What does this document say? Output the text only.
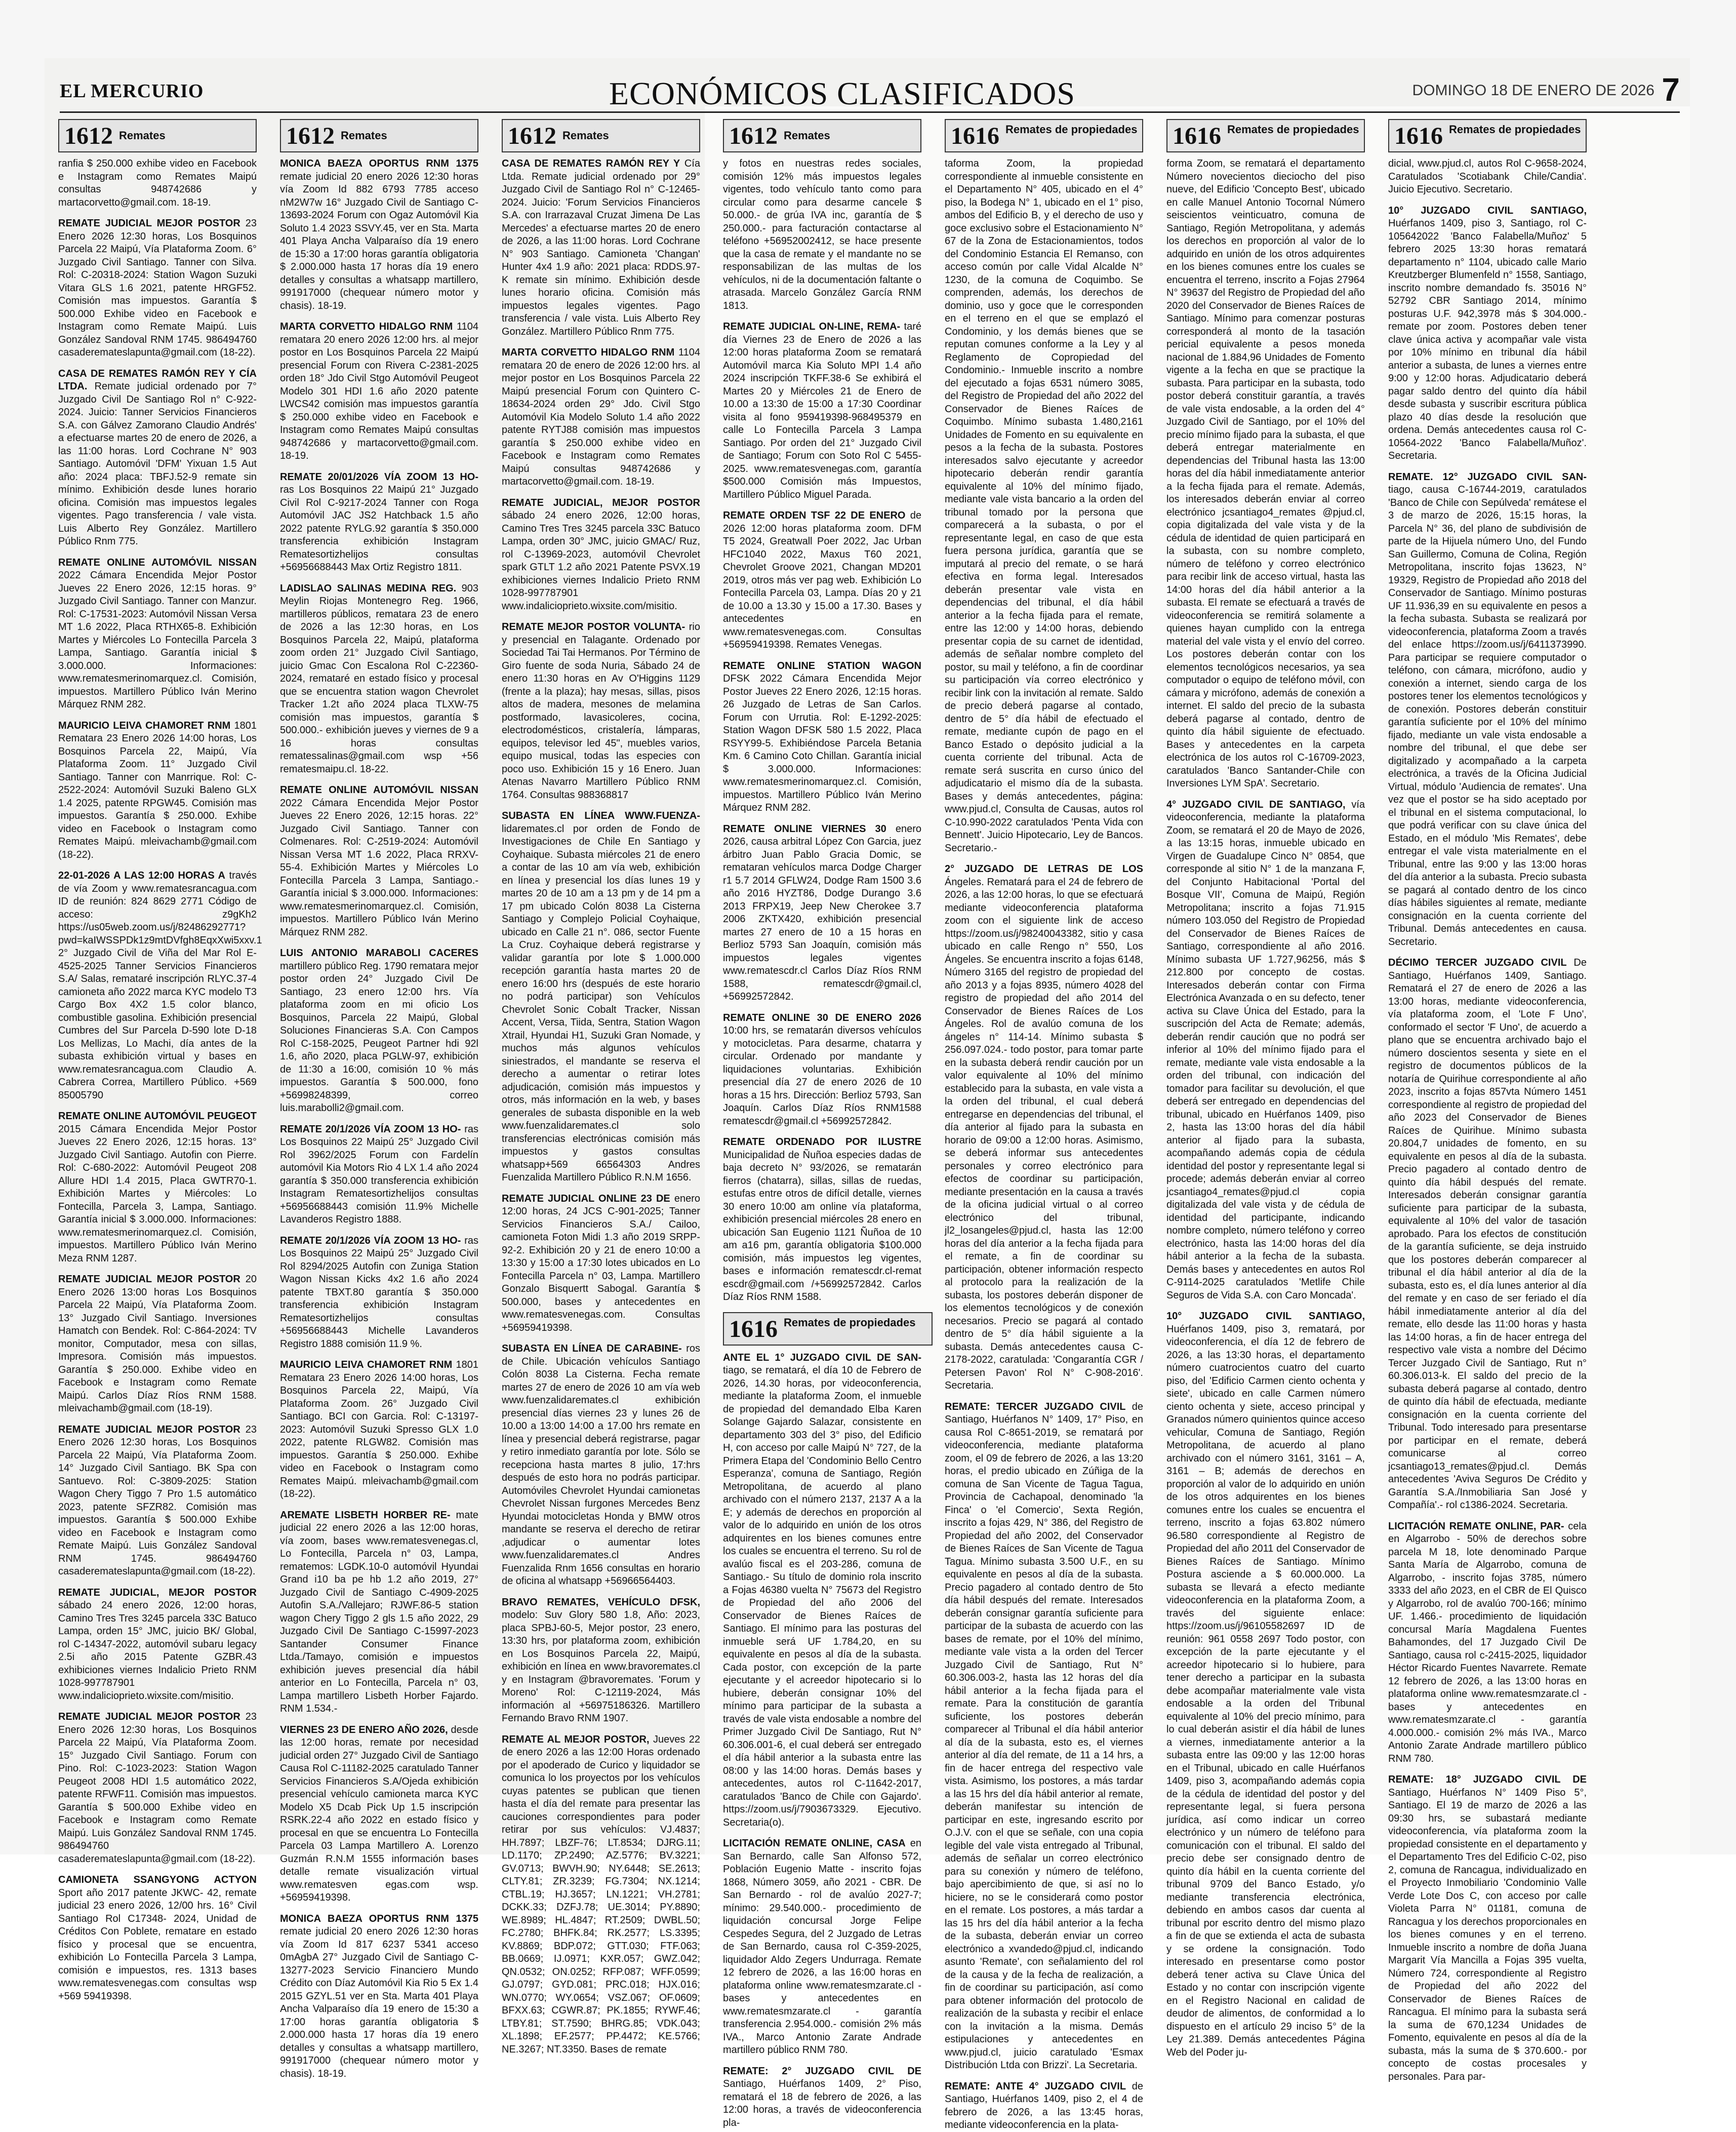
EL MERCURIO	ECONÓMICOS CLASIFICADOS	DOMINGO 18 DE ENERO DE 2026 7
1612 Remates
ranfia $ 250.000 exhibe video en Facebook e Instagram como Remates Maipú consultas 948742686 y martacorvetto@gmail.com. 18-19.
REMATE JUDICIAL MEJOR POSTOR 23 Enero 2026 12:30 horas, Los Bosquinos Parcela 22 Maipú, Vía Plataforma Zoom. 6° Juzgado Civil Santiago. Tanner con Silva. Rol: C-20318-2024: Station Wagon Suzuki Vitara GLS 1.6 2021, patente HRGF52. Comisión mas impuestos. Garantía $ 500.000 Exhibe video en Facebook e Instagram como Remate Maipú. Luis González Sandoval RNM 1745. 986494760 casaderemateslapunta@gmail.com (18-22).
CASA DE REMATES RAMÓN REY Y CÍA LTDA. Remate judicial ordenado por 7° Juzgado Civil De Santiago Rol n° C-922-2024. Juicio: Tanner Servicios Financieros S.A. con Gálvez Zamorano Claudio Andrés' a efectuarse martes 20 de enero de 2026, a las 11:00 horas. Lord Cochrane N° 903 Santiago. Automóvil 'DFM' Yixuan 1.5 Aut año: 2024 placa: TBFJ.52-9 remate sin mínimo. Exhibición desde lunes horario oficina. Comisión mas impuestos legales vigentes. Pago transferencia / vale vista. Luis Alberto Rey González. Martillero Público Rnm 775.
REMATE ONLINE AUTOMÓVIL NISSAN 2022 Cámara Encendida Mejor Postor Jueves 22 Enero 2026, 12:15 horas. 9° Juzgado Civil Santiago. Tanner con Manzur. Rol: C-17531-2023: Automóvil Nissan Versa MT 1.6 2022, Placa RTHX65-8. Exhibición Martes y Miércoles Lo Fontecilla Parcela 3 Lampa, Santiago. Garantía inicial $ 3.000.000. Informaciones: www.rematesmerinomarquez.cl. Comisión, impuestos. Martillero Público Iván Merino Márquez RNM 282.
MAURICIO LEIVA CHAMORET RNM 1801 Rematara 23 Enero 2026 14:00 horas, Los Bosquinos Parcela 22, Maipú, Vía Plataforma Zoom. 11° Juzgado Civil Santiago. Tanner con Manrrique. Rol: C-2522-2024: Automóvil Suzuki Baleno GLX 1.4 2025, patente RPGW45. Comisión mas impuestos. Garantía $ 250.000. Exhibe video en Facebook o Instagram como Remates Maipú. mleivachamb@gmail.com (18-22).
22-01-2026 A LAS 12:00 HORAS A través de vía Zoom y www.rematesrancagua.com ID de reunión: 824 8629 2771 Código de acceso: z9gKh2 https://us05web.zoom.us/j/82486292771?pwd=kaIWSSPDk1z9mtDVfgh8EqxXwi5xxv.1 2° Juzgado Civil de Viña del Mar Rol E-4525-2025 Tanner Servicios Financieros S.A/ Salas, remataré inscripción RLYC.37-4 camioneta año 2022 marca KYC modelo T3 Cargo Box 4X2 1.5 color blanco, combustible gasolina. Exhibición presencial Cumbres del Sur Parcela D-590 lote D-18 Los Mellizas, Lo Machi, día antes de la subasta exhibición virtual y bases en www.rematesrancagua.com Claudio A. Cabrera Correa, Martillero Público. +569 85005790
REMATE ONLINE AUTOMÓVIL PEUGEOT 2015 Cámara Encendida Mejor Postor Jueves 22 Enero 2026, 12:15 horas. 13° Juzgado Civil Santiago. Autofin con Pierre. Rol: C-680-2022: Automóvil Peugeot 208 Allure HDI 1.4 2015, Placa GWTR70-1. Exhibición Martes y Miércoles: Lo Fontecilla, Parcela 3, Lampa, Santiago. Garantía inicial $ 3.000.000. Informaciones: www.rematesmerinomarquez.cl. Comisión, impuestos. Martillero Público Iván Merino Meza RNM 1287.
REMATE JUDICIAL MEJOR POSTOR 20 Enero 2026 13:00 horas Los Bosquinos Parcela 22 Maipú, Vía Plataforma Zoom. 13° Juzgado Civil Santiago. Inversiones Hamatch con Bendek. Rol: C-864-2024: TV monitor, Computador, mesa con sillas, Impresora. Comisión más impuestos. Garantía $ 250.000. Exhibe video en Facebook e Instagram como Remate Maipú. Carlos Díaz Ríos RNM 1588. mleivachamb@gmail.com (18-19).
REMATE JUDICIAL MEJOR POSTOR 23 Enero 2026 12:30 horas, Los Bosquinos Parcela 22 Maipú, Vía Plataforma Zoom. 14° Juzgado Civil Santiago. BK Spa con Santuevo. Rol: C-3809-2025: Station Wagon Chery Tiggo 7 Pro 1.5 automático 2023, patente SFZR82. Comisión mas impuestos. Garantía $ 500.000 Exhibe video en Facebook e Instagram como Remate Maipú. Luis González Sandoval RNM 1745. 986494760 casaderemateslapunta@gmail.com (18-22).
REMATE JUDICIAL, MEJOR POSTOR sábado 24 enero 2026, 12:00 horas, Camino Tres Tres 3245 parcela 33C Batuco Lampa, orden 15° JMC, juicio BK/ Global, rol C-14347-2022, automóvil subaru legacy 2.5i año 2015 Patente GZBR.43 exhibiciones viernes Indalicio Prieto RNM 1028-997787901 www.indalicioprieto.wixsite.com/misitio.
REMATE JUDICIAL MEJOR POSTOR 23 Enero 2026 12:30 horas, Los Bosquinos Parcela 22 Maipú, Vía Plataforma Zoom. 15° Juzgado Civil Santiago. Forum con Pino. Rol: C-1023-2023: Station Wagon Peugeot 2008 HDI 1.5 automático 2022, patente RFWF11. Comisión mas impuestos. Garantía $ 500.000 Exhibe video en Facebook e Instagram como Remate Maipú. Luis González Sandoval RNM 1745. 986494760 casaderemateslapunta@gmail.com (18-22).
CAMIONETA SSANGYONG ACTYON Sport año 2017 patente JKWC- 42, remate judicial 23 enero 2026, 12/00 hrs. 16° Civil Santiago Rol C17348- 2024, Unidad de Créditos Con Poblete, rematare en estado físico y procesal que se encuentra, exhibición Lo Fontecilla Parcela 3 Lampa, comisión e impuestos, res. 1313 bases www.rematesvenegas.com consultas wsp +569 59419398.
1612 Remates
MONICA BAEZA OPORTUS RNM 1375 remate judicial 20 enero 2026 12:30 horas vía Zoom Id 882 6793 7785 acceso nM2W7w 16° Juzgado Civil de Santiago C-13693-2024 Forum con Ogaz Automóvil Kia Soluto 1.4 2023 SSVY.45, ver en Sta. Marta 401 Playa Ancha Valparaíso día 19 enero de 15:30 a 17:00 horas garantía obligatoria $ 2.000.000 hasta 17 horas día 19 enero detalles y consultas a whatsapp martillero, 991917000 (chequear número motor y chasis). 18-19.
MARTA CORVETTO HIDALGO RNM 1104 rematara 20 enero 2026 12:00 hrs. al mejor postor en Los Bosquinos Parcela 22 Maipú presencial Forum con Rivera C-2381-2025 orden 18° Jdo Civil Stgo Automóvil Peugeot Modelo 301 HDI 1.6 año 2020 patente LWCS42 comisión mas impuestos garantía $ 250.000 exhibe video en Facebook e Instagram como Remates Maipú consultas 948742686 y martacorvetto@gmail.com. 18-19.
REMATE 20/01/2026 VÍA ZOOM 13 HO- ras Los Bosquinos 22 Maipú 21° Juzgado Civil Rol C-9217-2024 Tanner con Roga Automóvil JAC JS2 Hatchback 1.5 año 2022 patente RYLG.92 garantía $ 350.000 transferencia exhibición Instagram Rematesortizhelijos consultas +56956688443 Max Ortiz Registro 1811.
LADISLAO SALINAS MEDINA REG. 903 Meylin Riojas Montenegro Reg. 1966, martilleros públicos, rematara 23 de enero de 2026 a las 12:30 horas, en Los Bosquinos Parcela 22, Maipú, plataforma zoom orden 21° Juzgado Civil Santiago, juicio Gmac Con Escalona Rol C-22360-2024, remataré en estado físico y procesal que se encuentra station wagon Chevrolet Tracker 1.2t año 2024 placa TLXW-75 comisión mas impuestos, garantía $ 500.000.- exhibición jueves y viernes de 9 a 16 horas consultas rematessalinas@gmail.com wsp +56 rematesmaipu.cl. 18-22.
REMATE ONLINE AUTOMÓVIL NISSAN 2022 Cámara Encendida Mejor Postor Jueves 22 Enero 2026, 12:15 horas. 22° Juzgado Civil Santiago. Tanner con Colmenares. Rol: C-2519-2024: Automóvil Nissan Versa MT 1.6 2022, Placa RRXV-55-4. Exhibición Martes y Miércoles Lo Fontecilla Parcela 3 Lampa, Santiago.- Garantía inicial $ 3.000.000. Informaciones: www.rematesmerinomarquez.cl. Comisión, impuestos. Martillero Público Iván Merino Márquez RNM 282.
LUIS ANTONIO MARABOLI CACERES martillero público Reg. 1790 rematara mejor postor orden 24° Juzgado Civil De Santiago, 23 enero 12:00 hrs. Vía plataforma zoom en mi oficio Los Bosquinos, Parcela 22 Maipú, Global Soluciones Financieras S.A. Con Campos Rol C-158-2025, Peugeot Partner hdi 92l 1.6, año 2020, placa PGLW-97, exhibición de 11:30 a 16:00, comisión 10 % más impuestos. Garantía $ 500.000, fono +56998248399, correo luis.marabolli2@gmail.com.
REMATE 20/1/2026 VÍA ZOOM 13 HO- ras Los Bosquinos 22 Maipú 25° Juzgado Civil Rol 3962/2025 Forum con Fardelín automóvil Kia Motors Rio 4 LX 1.4 año 2024 garantía $ 350.000 transferencia exhibición Instagram Rematesortizhelijos consultas +56956688443 comisión 11.9% Michelle Lavanderos Registro 1888.
REMATE 20/1/2026 VÍA ZOOM 13 HO- ras Los Bosquinos 22 Maipú 25° Juzgado Civil Rol 8294/2025 Autofin con Zuniga Station Wagon Nissan Kicks 4x2 1.6 año 2024 patente TBXT.80 garantía $ 350.000 transferencia exhibición Instagram Rematesortizhelijos consultas +56956688443 Michelle Lavanderos Registro 1888 comisión 11.9 %.
MAURICIO LEIVA CHAMORET RNM 1801 Rematara 23 Enero 2026 14:00 horas, Los Bosquinos Parcela 22, Maipú, Vía Plataforma Zoom. 26° Juzgado Civil Santiago. BCI con Garcia. Rol: C-13197-2023: Automóvil Suzuki Spresso GLX 1.0 2022, patente RLGW82. Comisión mas impuestos. Garantía $ 250.000. Exhibe video en Facebook o Instagram como Remates Maipú. mleivachamb@gmail.com (18-22).
AREMATE LISBETH HORBER RE- mate judicial 22 enero 2026 a las 12:00 horas, vía zoom, bases www.rematesvenegas.cl, Lo Fontecilla, Parcela n° 03, Lampa, rematemos: LGDK.10-0 automóvil Hyundai Grand i10 ba pe hb 1.2 año 2019, 27° Juzgado Civil de Santiago C-4909-2025 Autofin S.A./Vallejaro; RJWF.86-5 station wagon Chery Tiggo 2 gls 1.5 año 2022, 29 Juzgado Civil De Santiago C-15997-2023 Santander Consumer Finance Ltda./Tamayo, comisión e impuestos exhibición jueves presencial día hábil anterior en Lo Fontecilla, Parcela n° 03, Lampa martillero Lisbeth Horber Fajardo. RNM 1.534.-
VIERNES 23 DE ENERO AÑO 2026, desde las 12:00 horas, remate por necesidad judicial orden 27° Juzgado Civil de Santiago Causa Rol C-11182-2025 caratulado Tanner Servicios Financieros S.A/Ojeda exhibición presencial vehículo camioneta marca KYC Modelo X5 Dcab Pick Up 1.5 inscripción RSRK.22-4 año 2022 en estado físico y procesal en que se encuentra Lo Fontecilla Parcela 03 Lampa Martillero A. Lorenzo Guzmán R.N.M 1555 información bases detalle remate visualización virtual www.rematesven egas.com wsp. +56959419398.
MONICA BAEZA OPORTUS RNM 1375 remate judicial 20 enero 2026 12:30 horas vía Zoom Id 817 6237 5341 acceso 0mAgbA 27° Juzgado Civil de Santiago C-13277-2023 Servicio Financiero Mundo Crédito con Díaz Automóvil Kia Rio 5 Ex 1.4 2015 GZYL.51 ver en Sta. Marta 401 Playa Ancha Valparaíso día 19 enero de 15:30 a 17:00 horas garantía obligatoria $ 2.000.000 hasta 17 horas día 19 enero detalles y consultas a whatsapp martillero, 991917000 (chequear número motor y chasis). 18-19.
1612 Remates
CASA DE REMATES RAMÓN REY Y Cía Ltda. Remate judicial ordenado por 29° Juzgado Civil de Santiago Rol n° C-12465-2024. Juicio: 'Forum Servicios Financieros S.A. con Irarrazaval Cruzat Jimena De Las Mercedes' a efectuarse martes 20 de enero de 2026, a las 11:00 horas. Lord Cochrane N° 903 Santiago. Camioneta 'Changan' Hunter 4x4 1.9 año: 2021 placa: RDDS.97-K remate sin mínimo. Exhibición desde lunes horario oficina. Comisión más impuestos legales vigentes. Pago transferencia / vale vista. Luis Alberto Rey González. Martillero Público Rnm 775.
MARTA CORVETTO HIDALGO RNM 1104 rematara 20 de enero de 2026 12:00 hrs. al mejor postor en Los Bosquinos Parcela 22 Maipú presencial Forum con Quintero C-18634-2024 orden 29° Jdo. Civil Stgo Automóvil Kia Modelo Soluto 1.4 año 2022 patente RYTJ88 comisión mas impuestos garantía $ 250.000 exhibe video en Facebook e Instagram como Remates Maipú consultas 948742686 y martacorvetto@gmail.com. 18-19.
REMATE JUDICIAL, MEJOR POSTOR sábado 24 enero 2026, 12:00 horas, Camino Tres Tres 3245 parcela 33C Batuco Lampa, orden 30° JMC, juicio GMAC/ Ruz, rol C-13969-2023, automóvil Chevrolet spark GTLT 1.2 año 2021 Patente PSVX.19 exhibiciones viernes Indalicio Prieto RNM 1028-997787901 www.indalicioprieto.wixsite.com/misitio.
REMATE MEJOR POSTOR VOLUNTA- rio y presencial en Talagante. Ordenado por Sociedad Tai Tai Hermanos. Por Término de Giro fuente de soda Nuria, Sábado 24 de enero 11:30 horas en Av O'Higgins 1129 (frente a la plaza); hay mesas, sillas, pisos altos de madera, mesones de melamina postformado, lavasicoleres, cocina, electrodomésticos, cristalería, lámparas, equipos, televisor led 45", muebles varios, equipo musical, todas las especies con poco uso. Exhibición 15 y 16 Enero. Juan Atenas Navarro Martillero Público RNM 1764. Consultas 988368817
SUBASTA EN LÍNEA WWW.FUENZA- lidaremates.cl por orden de Fondo de Investigaciones de Chile En Santiago y Coyhaique. Subasta miércoles 21 de enero a contar de las 10 am vía web, exhibición en línea y presencial los días lunes 19 y martes 20 de 10 am a 13 pm y de 14 pm a 17 pm ubicado Colón 8038 La Cisterna Santiago y Complejo Policial Coyhaique, ubicado en Calle 21 n°. 086, sector Fuente La Cruz. Coyhaique deberá registrarse y validar garantía por lote $ 1.000.000 recepción garantía hasta martes 20 de enero 16:00 hrs (después de este horario no podrá participar) son Vehículos Chevrolet Sonic Cobalt Tracker, Nissan Accent, Versa, Tiida, Sentra, Station Wagon Xtrail, Hyundai H1, Suzuki Gran Nomade, y muchos más algunos vehículos siniestrados, el mandante se reserva el derecho a aumentar o retirar lotes adjudicación, comisión más impuestos y otros, más información en la web, y bases generales de subasta disponible en la web www.fuenzalidaremates.cl solo transferencias electrónicas comisión más impuestos y gastos consultas whatsapp+569 66564303 Andres Fuenzalida Martillero Público R.N.M 1656.
REMATE JUDICIAL ONLINE 23 DE enero 12:00 horas, 24 JCS C-901-2025; Tanner Servicios Financieros S.A./ Cailoo, camioneta Foton Midi 1.3 año 2019 SRPP-92-2. Exhibición 20 y 21 de enero 10:00 a 13:30 y 15:00 a 17:30 lotes ubicados en Lo Fontecilla Parcela n° 03, Lampa. Martillero Gonzalo Bisquertt Sabogal. Garantía $ 500.000, bases y antecedentes en www.rematesvenegas.com. Consultas +56959419398.
SUBASTA EN LÍNEA DE CARABINE- ros de Chile. Ubicación vehículos Santiago Colón 8038 La Cisterna. Fecha remate martes 27 de enero de 2026 10 am vía web www.fuenzalidaremates.cl exhibición presencial días viernes 23 y lunes 26 de 10.00 a 13:00 14:00 a 17.00 hrs remate en línea y presencial deberá registrarse, pagar y retiro inmediato garantía por lote. Sólo se recepciona hasta martes 8 julio, 17:hrs después de esto hora no podrás participar. Automóviles Chevrolet Hyundai camionetas Chevrolet Nissan furgones Mercedes Benz Hyundai motocicletas Honda y BMW otros mandante se reserva el derecho de retirar ,adjudicar o aumentar lotes www.fuenzalidaremates.cl Andres Fuenzalida Rnm 1656 consultas en horario de oficina al whatsapp +56966564403.
BRAVO REMATES, VEHÍCULO DFSK, modelo: Suv Glory 580 1.8, Año: 2023, placa SPBJ-60-5, Mejor postor, 23 enero, 13:30 hrs, por plataforma zoom, exhibición en Los Bosquinos Parcela 22, Maipú, exhibición en línea en www.bravoremates.cl y en Instagram @bravoremates. 'Forum y Moreno' Rol: C-12119-2024, Más información al +56975186326. Martillero Fernando Bravo RNM 1907.
REMATE AL MEJOR POSTOR, Jueves 22 de enero 2026 a las 12:00 Horas ordenado por el apoderado de Curico y liquidador se comunica lo los proyectos por los vehículos cuyas patentes se publican que tienen hasta el día del remate para presentar las cauciones correspondientes para poder retirar por sus vehículos: VJ.4837; HH.7897; LBZF-76; LT.8534; DJRG.11; LD.1170; ZP.2490; AZ.5776; BV.3221; GV.0713; BWVH.90; NY.6448; SE.2613; CLTY.81; ZR.3239; FG.7304; NX.1214; CTBL.19; HJ.3657; LN.1221; VH.2781; DCKK.33; DZFJ.78; UE.3014; PY.8890; WE.8989; HL.4847; RT.2509; DWBL.50; FC.2780; BHFK.84; RK.2577; LS.3395; KV.8869; BDP.072; GTT.030; FTF.063; BB.0669; IJ.0971; KXR.057; GWZ.042; QN.0532; ON.0252; RFP.087; WFF.0599; GJ.0797; GYD.081; PRC.018; HJX.016; WN.0770; WY.0654; VSZ.067; OF.0609; BFXX.63; CGWR.87; PK.1855; RYWF.46; LTBY.81; ST.7590; BHRG.85; VDK.043; XL.1898; EF.2577; PP.4472; KE.5766; NE.3267; NT.3350. Bases de remate
1612 Remates
y fotos en nuestras redes sociales, comisión 12% más impuestos legales vigentes, todo vehículo tanto como para circular como para desarme cancele $ 50.000.- de grúa IVA inc, garantía de $ 250.000.- para facturación contactarse al teléfono +56952002412, se hace presente que la casa de remate y el mandante no se responsabilizan de las multas de los vehículos, ni de la documentación faltante o atrasada. Marcelo González García RNM 1813.
REMATE JUDICIAL ON-LINE, REMA- taré día Viernes 23 de Enero de 2026 a las 12:00 horas plataforma Zoom se rematará Automóvil marca Kia Soluto MPI 1.4 año 2024 inscripción TKFF.38-6 Se exhibirá el Martes 20 y Miércoles 21 de Enero de 10.00 a 13:30 de 15:00 a 17:30 Coordinar visita al fono 959419398-968495379 en calle Lo Fontecilla Parcela 3 Lampa Santiago. Por orden del 21° Juzgado Civil de Santiago; Forum con Soto Rol C 5455-2025. www.rematesvenegas.com, garantía $500.000 Comisión más Impuestos, Martillero Público Miguel Parada.
REMATE ORDEN TSF 22 DE ENERO de 2026 12:00 horas plataforma zoom. DFM T5 2024, Greatwall Poer 2022, Jac Urban HFC1040 2022, Maxus T60 2021, Chevrolet Groove 2021, Changan MD201 2019, otros más ver pag web. Exhibición Lo Fontecilla Parcela 03, Lampa. Días 20 y 21 de 10.00 a 13.30 y 15.00 a 17.30. Bases y antecedentes en www.rematesvenegas.com. Consultas +56959419398. Remates Venegas.
REMATE ONLINE STATION WAGON DFSK 2022 Cámara Encendida Mejor Postor Jueves 22 Enero 2026, 12:15 horas. 26 Juzgado de Letras de San Carlos. Forum con Urrutia. Rol: E-1292-2025: Station Wagon DFSK 580 1.5 2022, Placa RSYY99-5. Exhibiéndose Parcela Betania Km. 6 Camino Coto Chillan. Garantía inicial $ 3.000.000. Informaciones: www.rematesmerinomarquez.cl. Comisión, impuestos. Martillero Público Iván Merino Márquez RNM 282.
REMATE ONLINE VIERNES 30 enero 2026, causa arbitral López Con Garcia, juez árbitro Juan Pablo Gracia Domic, se remataran vehículos marca Dodge Charger r1 5.7 2014 GFLW24, Dodge Ram 1500 3.6 año 2016 HYZT86, Dodge Durango 3.6 2013 FRPX19, Jeep New Cherokee 3.7 2006 ZKTX420, exhibición presencial martes 27 enero de 10 a 15 horas en Berlioz 5793 San Joaquín, comisión más impuestos legales vigentes www.rematescdr.cl Carlos Díaz Ríos RNM 1588, rematescdr@gmail.cl, +56992572842.
REMATE ONLINE 30 DE ENERO 2026 10:00 hrs, se rematarán diversos vehículos y motocicletas. Para desarme, chatarra y circular. Ordenado por mandante y liquidaciones voluntarias. Exhibición presencial día 27 de enero 2026 de 10 horas a 15 hrs. Dirección: Berlioz 5793, San Joaquín. Carlos Díaz Ríos RNM1588 rematescdr@gmail.cl +56992572842.
REMATE ORDENADO POR ILUSTRE Municipalidad de Ñuñoa especies dadas de baja decreto N° 93/2026, se rematarán fierros (chatarra), sillas, sillas de ruedas, estufas entre otros de difícil detalle, viernes 30 enero 10:00 am online vía plataforma, exhibición presencial miércoles 28 enero en ubicación San Eugenio 1121 Ñuñoa de 10 am a16 pm, garantía obligatoria $100.000 comisión, más impuestos leg vigentes, bases e información rematescdr.cl-remat escdr@gmail.com /+56992572842. Carlos Díaz Ríos RNM 1588.
1616 Remates de propiedades
ANTE EL 1° JUZGADO CIVIL DE SAN- tiago, se rematará, el día 10 de Febrero de 2026, 14.30 horas, por videoconferencia, mediante la plataforma Zoom, el inmueble de propiedad del demandado Elba Karen Solange Gajardo Salazar, consistente en departamento 303 del 3° piso, del Edificio H, con acceso por calle Maipú N° 727, de la Primera Etapa del 'Condominio Bello Centro Esperanza', comuna de Santiago, Región Metropolitana, de acuerdo al plano archivado con el número 2137, 2137 A a la E; y además de derechos en proporción al valor de lo adquirido en unión de los otros adquirentes en los bienes comunes entre los cuales se encuentra el terreno. Su rol de avalúo fiscal es el 203-286, comuna de Santiago.- Su título de dominio rola inscrito a Fojas 46380 vuelta N° 75673 del Registro de Propiedad del año 2006 del Conservador de Bienes Raíces de Santiago. El mínimo para las posturas del inmueble será UF 1.784,20, en su equivalente en pesos al día de la subasta. Cada postor, con excepción de la parte ejecutante y el acreedor hipotecario si lo hubiere, deberán consignar 10% del mínimo para participar de la subasta a través de vale vista endosable a nombre del Primer Juzgado Civil De Santiago, Rut N° 60.306.001-6, el cual deberá ser entregado el día hábil anterior a la subasta entre las 08:00 y las 14:00 horas. Demás bases y antecedentes, autos rol C-11642-2017, caratulados 'Banco de Chile con Gajardo'. https://zoom.us/j/7903673329. Ejecutivo. Secretaria(o).
LICITACIÓN REMATE ONLINE, CASA en San Bernardo, calle San Alfonso 572, Población Eugenio Matte - inscrito fojas 1868, Número 3059, año 2021 - CBR. De San Bernardo - rol de avalúo 2027-7; mínimo: 29.540.000.- procedimiento de liquidación concursal Jorge Felipe Cespedes Segura, del 2 Juzgado de Letras de San Bernardo, causa rol C-359-2025, liquidador Aldo Zegers Undurraga. Remate 12 febrero de 2026, a las 16:00 horas en plataforma online www.rematesmzarate.cl - bases y antecedentes en www.rematesmzarate.cl - garantía transferencia 2.954.000.- comisión 2% más IVA., Marco Antonio Zarate Andrade martillero público RNM 780.
REMATE: 2° JUZGADO CIVIL DE Santiago, Huérfanos 1409, 2° Piso, rematará el 18 de febrero de 2026, a las 12:00 horas, a través de videoconferencia pla-
1616 Remates de propiedades
taforma Zoom, la propiedad correspondiente al inmueble consistente en el Departamento N° 405, ubicado en el 4° piso, la Bodega N° 1, ubicado en el 1° piso, ambos del Edificio B, y el derecho de uso y goce exclusivo sobre el Estacionamiento N° 67 de la Zona de Estacionamientos, todos del Condominio Estancia El Remanso, con acceso común por calle Vidal Alcalde N° 1230, de la comuna de Coquimbo. Se comprenden, además, los derechos de dominio, uso y goce que le corresponden en el terreno en el que se emplazó el Condominio, y los demás bienes que se reputan comunes conforme a la Ley y al Reglamento de Copropiedad del Condominio.- Inmueble inscrito a nombre del ejecutado a fojas 6531 número 3085, del Registro de Propiedad del año 2022 del Conservador de Bienes Raíces de Coquimbo. Mínimo subasta 1.480,2161 Unidades de Fomento en su equivalente en pesos a la fecha de la subasta. Postores interesados salvo ejecutante y acreedor hipotecario deberán rendir garantía equivalente al 10% del mínimo fijado, mediante vale vista bancario a la orden del tribunal tomado por la persona que comparecerá a la subasta, o por el representante legal, en caso de que esta fuera persona jurídica, garantía que se imputará al precio del remate, o se hará efectiva en forma legal. Interesados deberán presentar vale vista en dependencias del tribunal, el día hábil anterior a la fecha fijada para el remate, entre las 12:00 y 14:00 horas, debiendo presentar copia de su carnet de identidad, además de señalar nombre completo del postor, su mail y teléfono, a fin de coordinar su participación vía correo electrónico y recibir link con la invitación al remate. Saldo de precio deberá pagarse al contado, dentro de 5° día hábil de efectuado el remate, mediante cupón de pago en el Banco Estado o depósito judicial a la cuenta corriente del tribunal. Acta de remate será suscrita en curso único del adjudicatario el mismo día de la subasta. Bases y demás antecedentes, página: www.pjud.cl, Consulta de Causas, autos rol C-10.990-2022 caratulados 'Penta Vida con Bennett'. Juicio Hipotecario, Ley de Bancos. Secretario.-
2° JUZGADO DE LETRAS DE LOS Ángeles. Rematará para el 24 de febrero de 2026, a las 12:00 horas, lo que se efectuará mediante videoconferencia plataforma zoom con el siguiente link de acceso https://zoom.us/j/98240043382, sitio y casa ubicado en calle Rengo n° 550, Los Ángeles. Se encuentra inscrito a fojas 6148, Número 3165 del registro de propiedad del año 2013 y a fojas 8935, número 4028 del registro de propiedad del año 2014 del Conservador de Bienes Raíces de Los Ángeles. Rol de avalúo comuna de los ángeles n° 114-14. Mínimo subasta $ 256.097.024.- todo postor, para tomar parte en la subasta deberá rendir caución por un valor equivalente al 10% del mínimo establecido para la subasta, en vale vista a la orden del tribunal, el cual deberá entregarse en dependencias del tribunal, el día anterior al fijado para la subasta en horario de 09:00 a 12:00 horas. Asimismo, se deberá informar sus antecedentes personales y correo electrónico para efectos de coordinar su participación, mediante presentación en la causa a través de la oficina judicial virtual o al correo electrónico del tribunal, jl2_losangeles@pjud.cl, hasta las 12:00 horas del día anterior a la fecha fijada para el remate, a fin de coordinar su participación, obtener información respecto al protocolo para la realización de la subasta, los postores deberán disponer de los elementos tecnológicos y de conexión necesarios. Precio se pagará al contado dentro de 5° día hábil siguiente a la subasta. Demás antecedentes causa C-2178-2022, caratulada: 'Congarantía CGR / Petersen Pavon' Rol N° C-908-2016'. Secretaria.
REMATE: TERCER JUZGADO CIVIL de Santiago, Huérfanos N° 1409, 17° Piso, en causa Rol C-8651-2019, se rematará por videoconferencia, mediante plataforma zoom, el 09 de febrero de 2026, a las 13:20 horas, el predio ubicado en Zúñiga de la comuna de San Vicente de Tagua Tagua, Provincia de Cachapoal, denominado 'la Finca' o 'el Comercio', Sexta Región, inscrito a fojas 429, N° 386, del Registro de Propiedad del año 2002, del Conservador de Bienes Raíces de San Vicente de Tagua Tagua. Mínimo subasta 3.500 U.F., en su equivalente en pesos al día de la subasta. Precio pagadero al contado dentro de 5to día hábil después del remate. Interesados deberán consignar garantía suficiente para participar de la subasta de acuerdo con las bases de remate, por el 10% del mínimo, mediante vale vista a la orden del Tercer Juzgado Civil de Santiago, Rut N° 60.306.003-2, hasta las 12 horas del día hábil anterior a la fecha fijada para el remate. Para la constitución de garantía suficiente, los postores deberán comparecer al Tribunal el día hábil anterior al día de la subasta, esto es, el viernes anterior al día del remate, de 11 a 14 hrs, a fin de hacer entrega del respectivo vale vista. Asimismo, los postores, a más tardar a las 15 hrs del día hábil anterior al remate, deberán manifestar su intención de participar en este, ingresando escrito por O.J.V. con el que se señale, con una copia legible del vale vista entregado al Tribunal, además de señalar un correo electrónico para su conexión y número de teléfono, bajo apercibimiento de que, si así no lo hiciere, no se le considerará como postor en el remate. Los postores, a más tardar a las 15 hrs del día hábil anterior a la fecha de la subasta, deberán enviar un correo electrónico a xvandedo@pjud.cl, indicando asunto 'Remate', con señalamiento del rol de la causa y de la fecha de realización, a fin de coordinar su participación, así como para obtener información del protocolo de realización de la subasta y recibir el enlace con la invitación a la misma. Demás estipulaciones y antecedentes en www.pjud.cl, juicio caratulado 'Esmax Distribución Ltda con Brizzi'. La Secretaria.
REMATE: ANTE 4° JUZGADO CIVIL de Santiago, Huérfanos 1409, piso 2, el 4 de febrero de 2026, a las 13:45 horas, mediante videoconferencia en la plata-
1616 Remates de propiedades
forma Zoom, se rematará el departamento Número novecientos dieciocho del piso nueve, del Edificio 'Concepto Best', ubicado en calle Manuel Antonio Tocornal Número seiscientos veinticuatro, comuna de Santiago, Región Metropolitana, y además los derechos en proporción al valor de lo adquirido en unión de los otros adquirentes en los bienes comunes entre los cuales se encuentra el terreno, inscrito a Fojas 27964 N° 39637 del Registro de Propiedad del año 2020 del Conservador de Bienes Raíces de Santiago. Mínimo para comenzar posturas corresponderá al monto de la tasación pericial equivalente a pesos moneda nacional de 1.884,96 Unidades de Fomento vigente a la fecha en que se practique la subasta. Para participar en la subasta, todo postor deberá constituir garantía, a través de vale vista endosable, a la orden del 4° Juzgado Civil de Santiago, por el 10% del precio mínimo fijado para la subasta, el que deberá entregar materialmente en dependencias del Tribunal hasta las 13:00 horas del día hábil inmediatamente anterior a la fecha fijada para el remate. Además, los interesados deberán enviar al correo electrónico jcsantiago4_remates @pjud.cl, copia digitalizada del vale vista y de la cédula de identidad de quien participará en la subasta, con su nombre completo, número de teléfono y correo electrónico para recibir link de acceso virtual, hasta las 14:00 horas del día hábil anterior a la subasta. El remate se efectuará a través de videoconferencia se remitirá solamente a quienes hayan cumplido con la entrega material del vale vista y el envío del correo. Los postores deberán contar con los elementos tecnológicos necesarios, ya sea computador o equipo de teléfono móvil, con cámara y micrófono, además de conexión a internet. El saldo del precio de la subasta deberá pagarse al contado, dentro de quinto día hábil siguiente de efectuado. Bases y antecedentes en la carpeta electrónica de los autos rol C-16709-2023, caratulados 'Banco Santander-Chile con Inversiones LYM SpA'. Secretario.
4° JUZGADO CIVIL DE SANTIAGO, vía videoconferencia, mediante la plataforma Zoom, se rematará el 20 de Mayo de 2026, a las 13:15 horas, inmueble ubicado en Virgen de Guadalupe Cinco N° 0854, que corresponde al sitio N° 1 de la manzana F, del Conjunto Habitacional 'Portal del Bosque VII', Comuna de Maipú, Región Metropolitana; inscrito a fojas 71.915 número 103.050 del Registro de Propiedad del Conservador de Bienes Raíces de Santiago, correspondiente al año 2016. Mínimo subasta UF 1.727,96256, más $ 212.800 por concepto de costas. Interesados deberán contar con Firma Electrónica Avanzada o en su defecto, tener activa su Clave Única del Estado, para la suscripción del Acta de Remate; además, deberán rendir caución que no podrá ser inferior al 10% del mínimo fijado para el remate, mediante vale vista endosable a la orden del tribunal, con indicación del tomador para facilitar su devolución, el que deberá ser entregado en dependencias del tribunal, ubicado en Huérfanos 1409, piso 2, hasta las 13:00 horas del día hábil anterior al fijado para la subasta, acompañando además copia de cédula identidad del postor y representante legal si procede; además deberán enviar al correo jcsantiago4_remates@pjud.cl copia digitalizada del vale vista y de cédula de identidad del participante, indicando nombre completo, número teléfono y correo electrónico, hasta las 14:00 horas del día hábil anterior a la fecha de la subasta. Demás bases y antecedentes en autos Rol C-9114-2025 caratulados 'Metlife Chile Seguros de Vida S.A. con Caro Moncada'.
10° JUZGADO CIVIL SANTIAGO, Huérfanos 1409, piso 3, rematará, por videoconferencia, el día 12 de febrero de 2026, a las 13:30 horas, el departamento número cuatrocientos cuatro del cuarto piso, del 'Edificio Carmen ciento ochenta y siete', ubicado en calle Carmen número ciento ochenta y siete, acceso principal y Granados número quinientos quince acceso vehicular, Comuna de Santiago, Región Metropolitana, de acuerdo al plano archivado con el número 3161, 3161 – A, 3161 – B; además de derechos en proporción al valor de lo adquirido en unión de los otros adquirentes en los bienes comunes entre los cuales se encuentra el terreno, inscrito a fojas 63.802 número 96.580 correspondiente al Registro de Propiedad del año 2011 del Conservador de Bienes Raíces de Santiago. Mínimo Postura asciende a $ 60.000.000. La subasta se llevará a efecto mediante videoconferencia en la plataforma Zoom, a través del siguiente enlace: https://zoom.us/j/96105582697 ID de reunión: 961 0558 2697 Todo postor, con excepción de la parte ejecutante y el acreedor hipotecario si lo hubiere, para tener derecho a participar en la subasta debe acompañar materialmente vale vista endosable a la orden del Tribunal equivalente al 10% del precio mínimo, para lo cual deberán asistir el día hábil de lunes a viernes, inmediatamente anterior a la subasta entre las 09:00 y las 12:00 horas en el Tribunal, ubicado en calle Huérfanos 1409, piso 3, acompañando además copia de la cédula de identidad del postor y del representante legal, si fuera persona jurídica, así como indicar un correo electrónico y un número de teléfono para comunicación con el tribunal. El saldo del precio debe ser consignado dentro de quinto día hábil en la cuenta corriente del tribunal 9709 del Banco Estado, y/o mediante transferencia electrónica, debiendo en ambos casos dar cuenta al tribunal por escrito dentro del mismo plazo a fin de que se extienda el acta de subasta y se ordene la consignación. Todo interesado en presentarse como postor deberá tener activa su Clave Única del Estado y no contar con inscripción vigente en el Registro Nacional en calidad de deudor de alimentos, de conformidad a lo dispuesto en el artículo 29 inciso 5° de la Ley 21.389. Demás antecedentes Página Web del Poder ju-
1616 Remates de propiedades
dicial, www.pjud.cl, autos Rol C-9658-2024, Caratulados 'Scotiabank Chile/Candia'. Juicio Ejecutivo. Secretario.
10° JUZGADO CIVIL SANTIAGO, Huérfanos 1409, piso 3, Santiago, rol C-105642022 'Banco Falabella/Muñoz' 5 febrero 2025 13:30 horas rematará departamento n° 1104, ubicado calle Mario Kreutzberger Blumenfeld n° 1558, Santiago, inscrito nombre demandado fs. 35016 N° 52792 CBR Santiago 2014, mínimo posturas U.F. 942,3978 más $ 304.000.-remate por zoom. Postores deben tener clave única activa y acompañar vale vista por 10% mínimo en tribunal día hábil anterior a subasta, de lunes a viernes entre 9:00 y 12:00 horas. Adjudicatario deberá pagar saldo dentro del quinto día hábil desde subasta y suscribir escritura pública plazo 40 días desde la resolución que ordena. Demás antecedentes causa rol C-10564-2022 'Banco Falabella/Muñoz'. Secretaria.
REMATE. 12° JUZGADO CIVIL SAN- tiago, causa C-16744-2019, caratulados 'Banco de Chile con Sepúlveda' remátese el 3 de marzo de 2026, 15:15 horas, la Parcela N° 36, del plano de subdivisión de parte de la Hijuela número Uno, del Fundo San Guillermo, Comuna de Colina, Región Metropolitana, inscrito fojas 13623, N° 19329, Registro de Propiedad año 2018 del Conservador de Santiago. Mínimo posturas UF 11.936,39 en su equivalente en pesos a la fecha subasta. Subasta se realizará por videoconferencia, plataforma Zoom a través del enlace https://zoom.us/j/6411373990. Para participar se requiere computador o teléfono, con cámara, micrófono, audio y conexión a internet, siendo carga de los postores tener los elementos tecnológicos y de conexión. Postores deberán constituir garantía suficiente por el 10% del mínimo fijado, mediante un vale vista endosable a nombre del tribunal, el que debe ser digitalizado y acompañado a la carpeta electrónica, a través de la Oficina Judicial Virtual, módulo 'Audiencia de remates'. Una vez que el postor se ha sido aceptado por el tribunal en el sistema computacional, lo que podrá verificar con su clave única del Estado, en el módulo 'Mis Remates', debe entregar el vale vista materialmente en el Tribunal, entre las 9:00 y las 13:00 horas del día anterior a la subasta. Precio subasta se pagará al contado dentro de los cinco días hábiles siguientes al remate, mediante consignación en la cuenta corriente del Tribunal. Demás antecedentes en causa. Secretario.
DÉCIMO TERCER JUZGADO CIVIL De Santiago, Huérfanos 1409, Santiago. Rematará el 27 de enero de 2026 a las 13:00 horas, mediante videoconferencia, vía plataforma zoom, el 'Lote F Uno', conformado el sector 'F Uno', de acuerdo a plano que se encuentra archivado bajo el número doscientos sesenta y siete en el registro de documentos públicos de la notaría de Quirihue correspondiente al año 2023, inscrito a fojas 857vta Número 1451 correspondiente al registro de propiedad del año 2023 del Conservador de Bienes Raíces de Quirihue. Mínimo subasta 20.804,7 unidades de fomento, en su equivalente en pesos al día de la subasta. Precio pagadero al contado dentro de quinto día hábil después del remate. Interesados deberán consignar garantía suficiente para participar de la subasta, equivalente al 10% del valor de tasación aprobado. Para los efectos de constitución de la garantía suficiente, se deja instruido que los postores deberán comparecer al tribunal el día hábil anterior al día de la subasta, esto es, el día lunes anterior al día del remate y en caso de ser feriado el día hábil inmediatamente anterior al día del remate, ello desde las 11:00 horas y hasta las 14:00 horas, a fin de hacer entrega del respectivo vale vista a nombre del Décimo Tercer Juzgado Civil de Santiago, Rut n° 60.306.013-k. El saldo del precio de la subasta deberá pagarse al contado, dentro de quinto día hábil de efectuada, mediante consignación en la cuenta corriente del Tribunal. Todo interesado para presentarse por participar en el remate, deberá comunicarse al correo jcsantiago13_remates@pjud.cl. Demás antecedentes 'Aviva Seguros De Crédito y Garantía S.A./Inmobiliaria San José y Compañía'.- rol c1386-2024. Secretaria.
LICITACIÓN REMATE ONLINE, PAR- cela en Algarrobo - 50% de derechos sobre parcela M 18, lote denominado Parque Santa María de Algarrobo, comuna de Algarrobo, - inscrito fojas 3785, número 3333 del año 2023, en el CBR de El Quisco y Algarrobo, rol de avalúo 700-166; mínimo UF. 1.466.- procedimiento de liquidación concursal María Magdalena Fuentes Bahamondes, del 17 Juzgado Civil De Santiago, causa rol c-2415-2025, liquidador Héctor Ricardo Fuentes Navarrete. Remate 12 febrero de 2026, a las 13:00 horas en plataforma online www.rematesmzarate.cl - bases y antecedentes en www.rematesmzarate.cl - garantía 4.000.000.- comisión 2% más IVA., Marco Antonio Zarate Andrade martillero público RNM 780.
REMATE: 18° JUZGADO CIVIL DE Santiago, Huérfanos N° 1409 Piso 5°, Santiago. El 19 de marzo de 2026 a las 09:30 hrs, se subastará mediante videoconferencia, vía plataforma zoom la propiedad consistente en el departamento y el Departamento Tres del Edificio C-02, piso 2, comuna de Rancagua, individualizado en el Proyecto Inmobiliario 'Condominio Valle Verde Lote Dos C, con acceso por calle Violeta Parra N° 01181, comuna de Rancagua y los derechos proporcionales en los bienes comunes y en el terreno. Inmueble inscrito a nombre de doña Juana Margarit Vía Mancilla a Fojas 395 vuelta, Número 724, correspondiente al Registro de Propiedad del año 2022 del Conservador de Bienes Raíces de Rancagua. El mínimo para la subasta será la suma de 670,1234 Unidades de Fomento, equivalente en pesos al día de la subasta, más la suma de $ 370.600.- por concepto de costas procesales y personales. Para par-
